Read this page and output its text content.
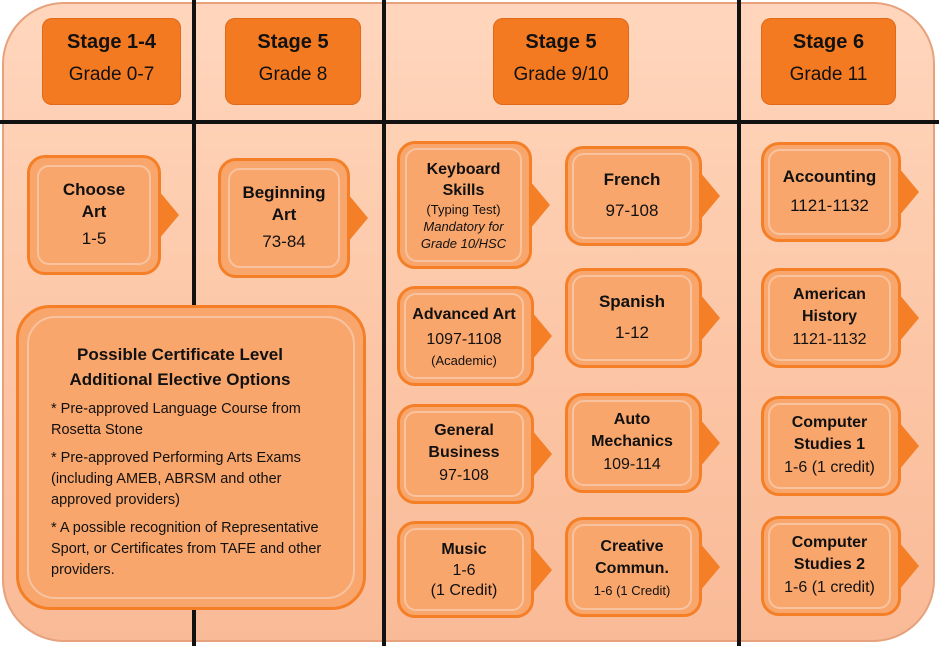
Stage 1-4
Grade 0-7
Stage 5
Grade 8
Stage 5
Grade 9/10
Stage 6
Grade 11
Choose
Art
1-5
Beginning
Art
73-84
Possible Certificate Level
Additional Elective Options
* Pre-approved Language Course from Rosetta Stone
* Pre-approved Performing Arts Exams (including AMEB, ABRSM and other approved providers)
* A possible recognition of Representative Sport, or Certificates from TAFE and other providers.
Keyboard
Skills
(Typing Test)
Mandatory for
Grade 10/HSC
Advanced Art
1097-1108
(Academic)
General
Business
97-108
Music
1-6
(1 Credit)
French
97-108
Spanish
1-12
Auto
Mechanics
109-114
Creative
Commun.
1-6 (1 Credit)
Accounting
1121-1132
American
History
1121-1132
Computer
Studies 1
1-6 (1 credit)
Computer
Studies 2
1-6 (1 credit)
